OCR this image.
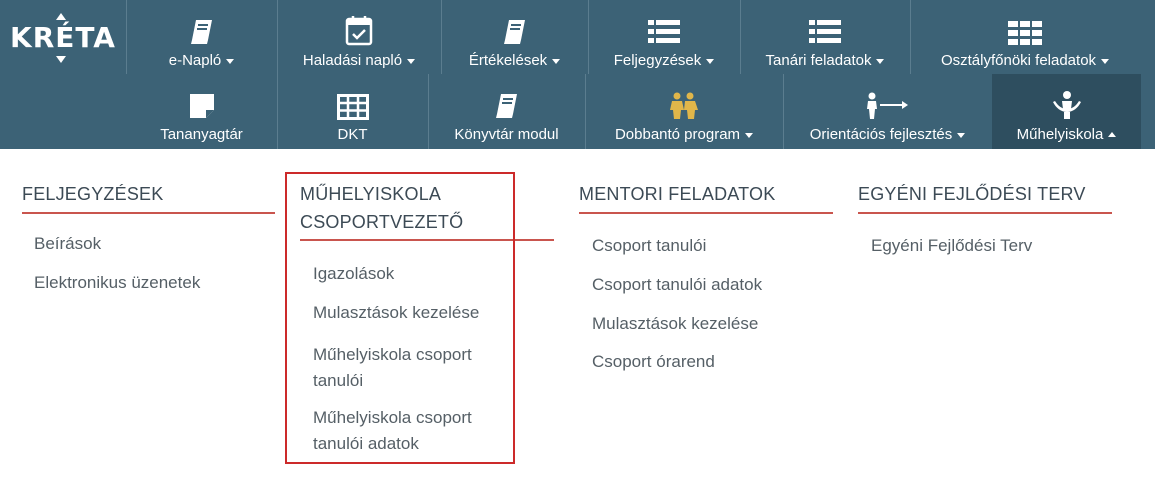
KRÉTA
e-Napló	Haladási napló	Értékelések	Feljegyzések	Tanári feladatok	Osztályfőnöki feladatok
Tananyagtár	DKT	Könyvtár modul	Dobbantó program	Orientációs fejlesztés	Műhelyiskola
FELJEGYZÉSEK
Beírások
Elektronikus üzenetek
MŰHELYISKOLA
CSOPORTVEZETŐ
Igazolások
Mulasztások kezelése
Műhelyiskola csoport
tanulói
Műhelyiskola csoport
tanulói adatok
MENTORI FELADATOK
Csoport tanulói
Csoport tanulói adatok
Mulasztások kezelése
Csoport órarend
EGYÉNI FEJLŐDÉSI TERV
Egyéni Fejlődési Terv
